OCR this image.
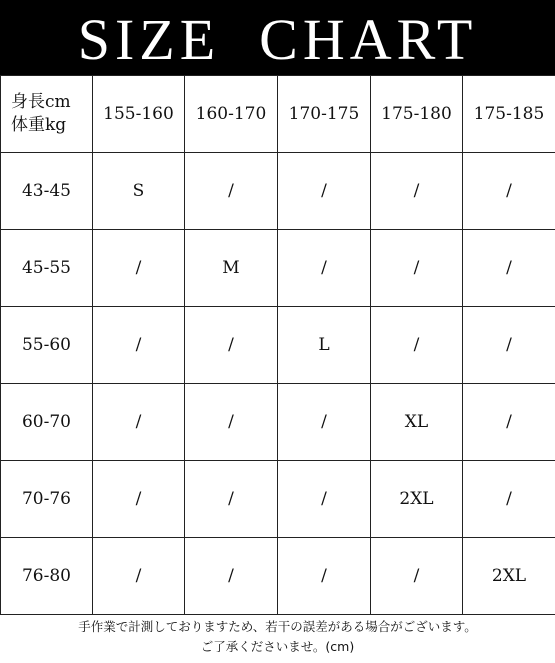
SIZE  CHART
身長cm
体重kg	155-160	160-170	170-175	175-180	175-185
43-45	S	/	/	/	/
45-55	/	M	/	/	/
55-60	/	/	L	/	/
60-70	/	/	/	XL	/
70-76	/	/	/	2XL	/
76-80	/	/	/	/	2XL
手作業で計測しておりますため、若干の誤差がある場合がございます。
ご了承くださいませ。(cm)
